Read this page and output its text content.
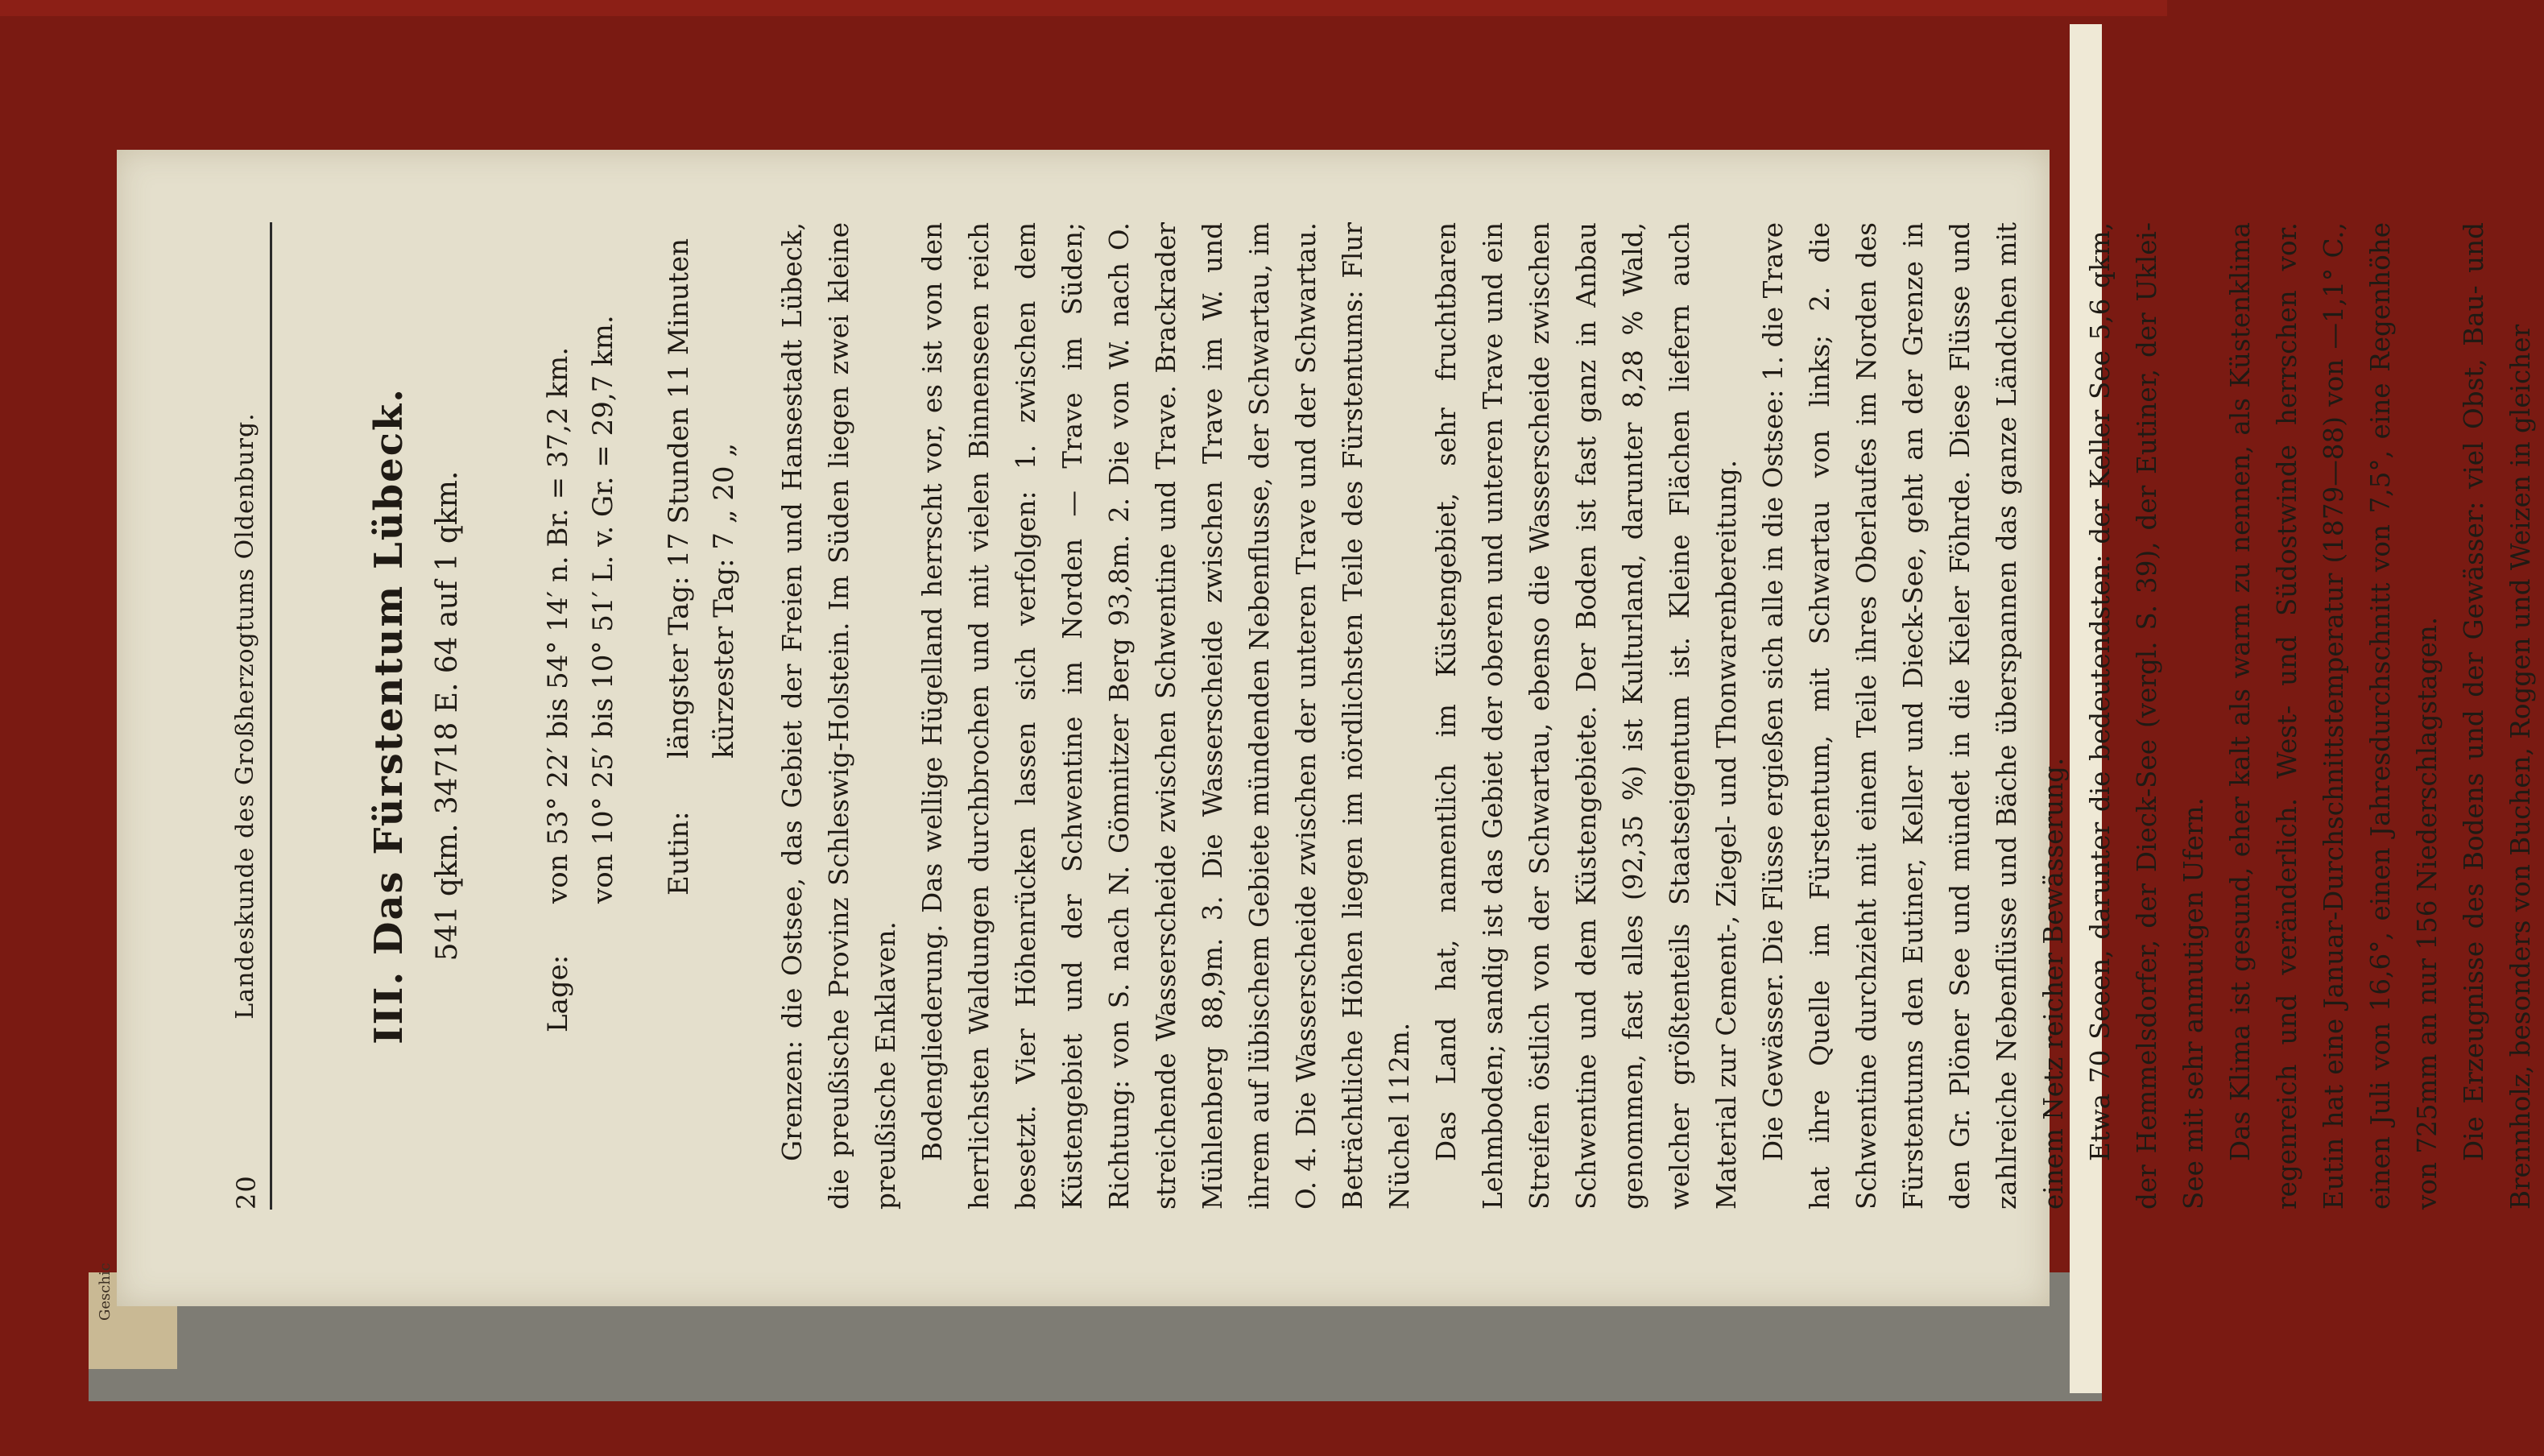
Geschic
20
Landeskunde des Großherzogtums Oldenburg.	III. Das Fürstentum Lübeck. 541 qkm. 34718 E. 64 auf 1 qkm.
Lage:
von 53° 22′ bis 54° 14′ n. Br. = 37,2 km. von 10° 25′ bis 10° 51′ L. v. Gr. = 29,7 km. Eutin:
längster Tag: 17 Stunden 11 Minuten kürzester Tag: 7 „ 20 „	Grenzen: die Ostsee, das Gebiet der Freien und Hansestadt Lübeck, die preußische Provinz Schleswig-Holstein. Im Süden liegen zwei kleine preußische Enklaven. Bodengliederung. Das wellige Hügelland herrscht vor, es ist von den herrlichsten Waldungen durchbrochen und mit vielen Binnenseen reich besetzt. Vier Höhenrücken lassen sich verfolgen: 1. zwischen dem Küstengebiet und der Schwentine im Norden — Trave im Süden; Richtung: von S. nach N. Gömnitzer Berg 93,8m. 2. Die von W. nach O. streichende Wasserscheide zwischen Schwentine und Trave. Brackrader Mühlenberg 88,9m. 3. Die Wasserscheide zwischen Trave im W. und ihrem auf lübischem Gebiete mündenden Nebenflusse, der Schwartau, im O. 4. Die Wasserscheide zwischen der unteren Trave und der Schwartau. Beträchtliche Höhen liegen im nördlichsten Teile des Fürstentums: Flur Nüchel 112m. Das Land hat, namentlich im Küstengebiet, sehr fruchtbaren Lehmboden; sandig ist das Gebiet der oberen und unteren Trave und ein Streifen östlich von der Schwartau, ebenso die Wasserscheide zwischen Schwentine und dem Küstengebiete. Der Boden ist fast ganz in Anbau genommen, fast alles (92,35 %) ist Kulturland, darunter 8,28 % Wald, welcher größtenteils Staatseigentum ist. Kleine Flächen liefern auch Material zur Cement-, Ziegel- und Thonwarenbereitung. Die Gewässer. Die Flüsse ergießen sich alle in die Ostsee: 1. die Trave hat ihre Quelle im Fürstentum, mit Schwartau von links; 2. die Schwentine durchzieht mit einem Teile ihres Oberlaufes im Norden des Fürstentums den Eutiner, Keller und Dieck-See, geht an der Grenze in den Gr. Plöner See und mündet in die Kieler Föhrde. Diese Flüsse und zahlreiche Nebenflüsse und Bäche überspannen das ganze Ländchen mit einem Netz reicher Bewässerung. Etwa 70 Seeen, darunter die bedeutendsten: der Keller See 5,6 qkm, der Hemmelsdorfer, der Dieck-See (vergl. S. 39), der Eutiner, der Uklei-See mit sehr anmutigen Ufern. Das Klima ist gesund, eher kalt als warm zu nennen, als Küstenklima regenreich und veränderlich. West- und Südostwinde herrschen vor. Eutin hat eine Januar-Durchschnittstemperatur (1879—88) von —1,1° C., einen Juli von 16,6°, einen Jahresdurchschnitt von 7,5°, eine Regenhöhe von 725mm an nur 156 Niederschlagstagen. Die Erzeugnisse des Bodens und der Gewässer: viel Obst, Bau- und Brennholz, besonders von Buchen, Roggen und Weizen in gleicher
